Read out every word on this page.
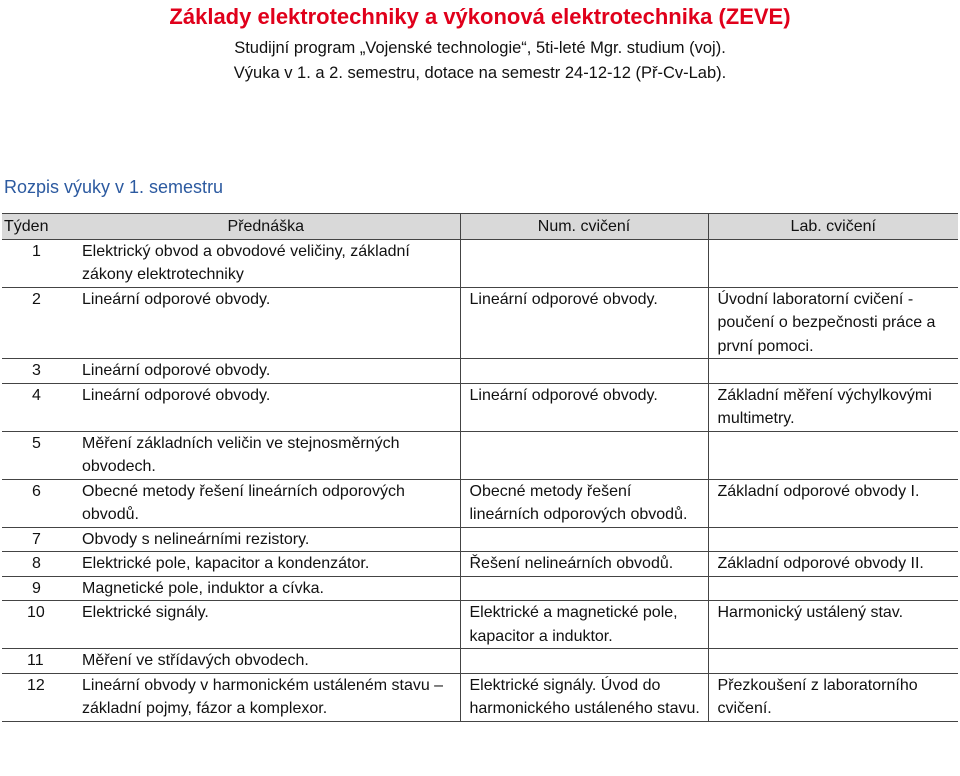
Základy elektrotechniky a výkonová elektrotechnika (ZEVE)
Studijní program „Vojenské technologie“, 5ti-leté Mgr. studium (voj).
Výuka v 1. a 2. semestru, dotace na semestr 24-12-12 (Př-Cv-Lab).
Rozpis výuky v 1. semestru
Týden	Přednáška	Num. cvičení	Lab. cvičení
1	Elektrický obvod a obvodové veličiny, základní zákony elektrotechniky		
2	Lineární odporové obvody.	Lineární odporové obvody.	Úvodní laboratorní cvičení - poučení o bezpečnosti práce a první pomoci.
3	Lineární odporové obvody.		
4	Lineární odporové obvody.	Lineární odporové obvody.	Základní měření výchylkovými multimetry.
5	Měření základních veličin ve stejnosměrných obvodech.		
6	Obecné metody řešení lineárních odporových obvodů.	Obecné metody řešení lineárních odporových obvodů.	Základní odporové obvody I.
7	Obvody s nelineárními rezistory.		
8	Elektrické pole, kapacitor a kondenzátor.	Řešení nelineárních obvodů.	Základní odporové obvody II.
9	Magnetické pole, induktor a cívka.		
10	Elektrické signály.	Elektrické a magnetické pole, kapacitor a induktor.	Harmonický ustálený stav.
11	Měření ve střídavých obvodech.		
12	Lineární obvody v harmonickém ustáleném stavu – základní pojmy, fázor a komplexor.	Elektrické signály. Úvod do harmonického ustáleného stavu.	Přezkoušení z laboratorního cvičení.
